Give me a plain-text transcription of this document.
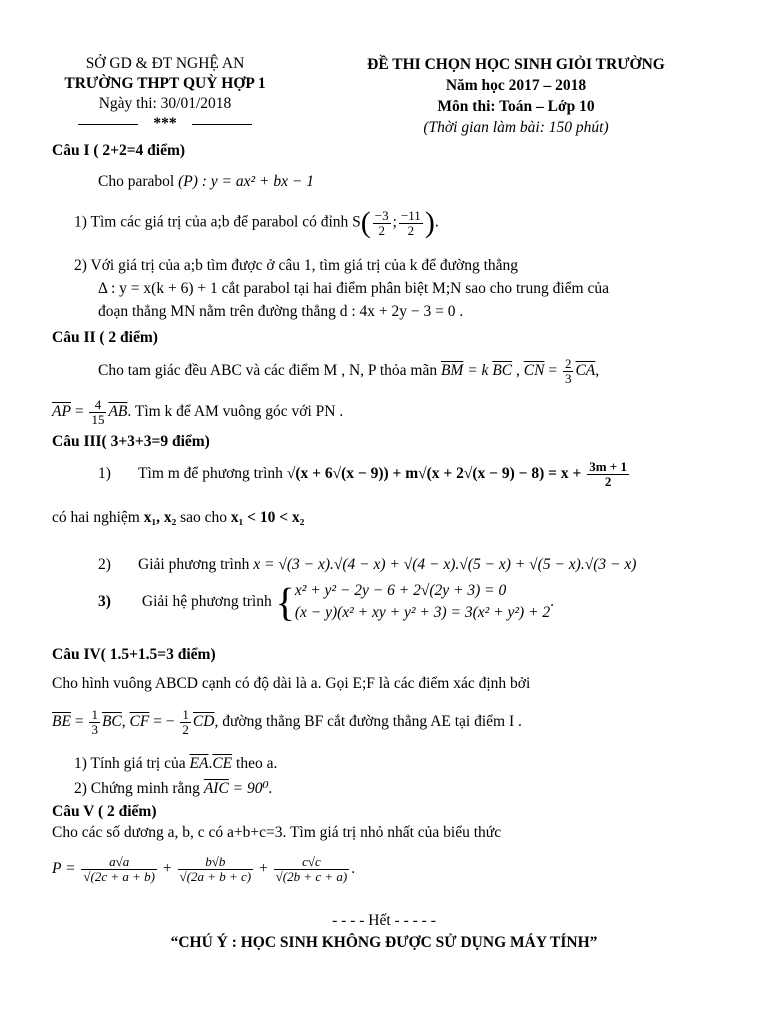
SỞ GD & ĐT NGHỆ AN
TRƯỜNG THPT QUỲ HỢP 1
Ngày thi: 30/01/2018
***
ĐỀ THI CHỌN HỌC SINH GIỎI TRƯỜNG
Năm học 2017 – 2018
Môn thi: Toán – Lớp 10
(Thời gian làm bài: 150 phút)
Câu I ( 2+2=4 điểm)
Cho parabol (P) : y = ax² + bx − 1
1) Tìm các giá trị của a;b để parabol có đỉnh $S( \frac{-3}{2}$ ; $\frac{-11}{2}$ ).
2) Với giá trị của a;b tìm được ở câu 1, tìm giá trị của k để đường thẳng
Δ : y = x(k + 6) + 1 cắt parabol tại hai điểm phân biệt M;N sao cho trung điểm của
đoạn thẳng MN nằm trên đường thẳng d : 4x + 2y − 3 = 0 .
Câu II ( 2 điểm)
Cho tam giác đều ABC và các điểm M , N, P thỏa mãn $\overline{BM} = k$ $\overline{BC}$ , $\overline{CN} = \frac{2}{3} \overline{CA}$,
$\overline{AP} = \frac{4}{15} \overline{AB}$. Tìm k để AM vuông góc với PN .
Câu III( 3+3+3=9 điểm)
1) Tìm m để phương trình $√(x + 6√(x - 9)) + m√(x + 2√(x - 9) - 8) = x + \frac{3m + 1}{2}$
có hai nghiệm x₁, x₂ sao cho x₁ < 10 < x₂
2) Giải phương trình x = √(3 − x).√(4 − x) + √(4 − x).√(5 − x) + √(5 − x).√(3 − x)
3) Giải hệ phương trình { x² + y² − 2y − 6 + 2√(2y + 3) = 0
(x − y)(x² + xy + y² + 3) = 3(x² + y²) + 2
.
Câu IV( 1.5+1.5=3 điểm)
Cho hình vuông ABCD cạnh có độ dài là a. Gọi E;F là các điểm xác định bởi
$\overline{BE} = \frac{1}{3} \overline{BC}$, $\overline{CF}$ = − $\frac{1}{2} \overline{CD}$, đường thẳng BF cắt đường thẳng AE tại điểm I .
1) Tính giá trị của $\overline{EA}.\overline{CE}$ theo a.
2) Chứng minh rằng $\overline{AIC} = 90^0$.
Câu V ( 2 điểm)
Cho các số dương a, b, c có a+b+c=3. Tìm giá trị nhỏ nhất của biểu thức
$P = \frac{a√a}{√(2c + a + b)} + \frac{b√b}{√(2a + b + c)} + \frac{c√c}{√(2b + c + a)}$ .
- - - - Hết - - - - -
“CHÚ Ý : HỌC SINH KHÔNG ĐƯỢC SỬ DỤNG MÁY TÍNH”
